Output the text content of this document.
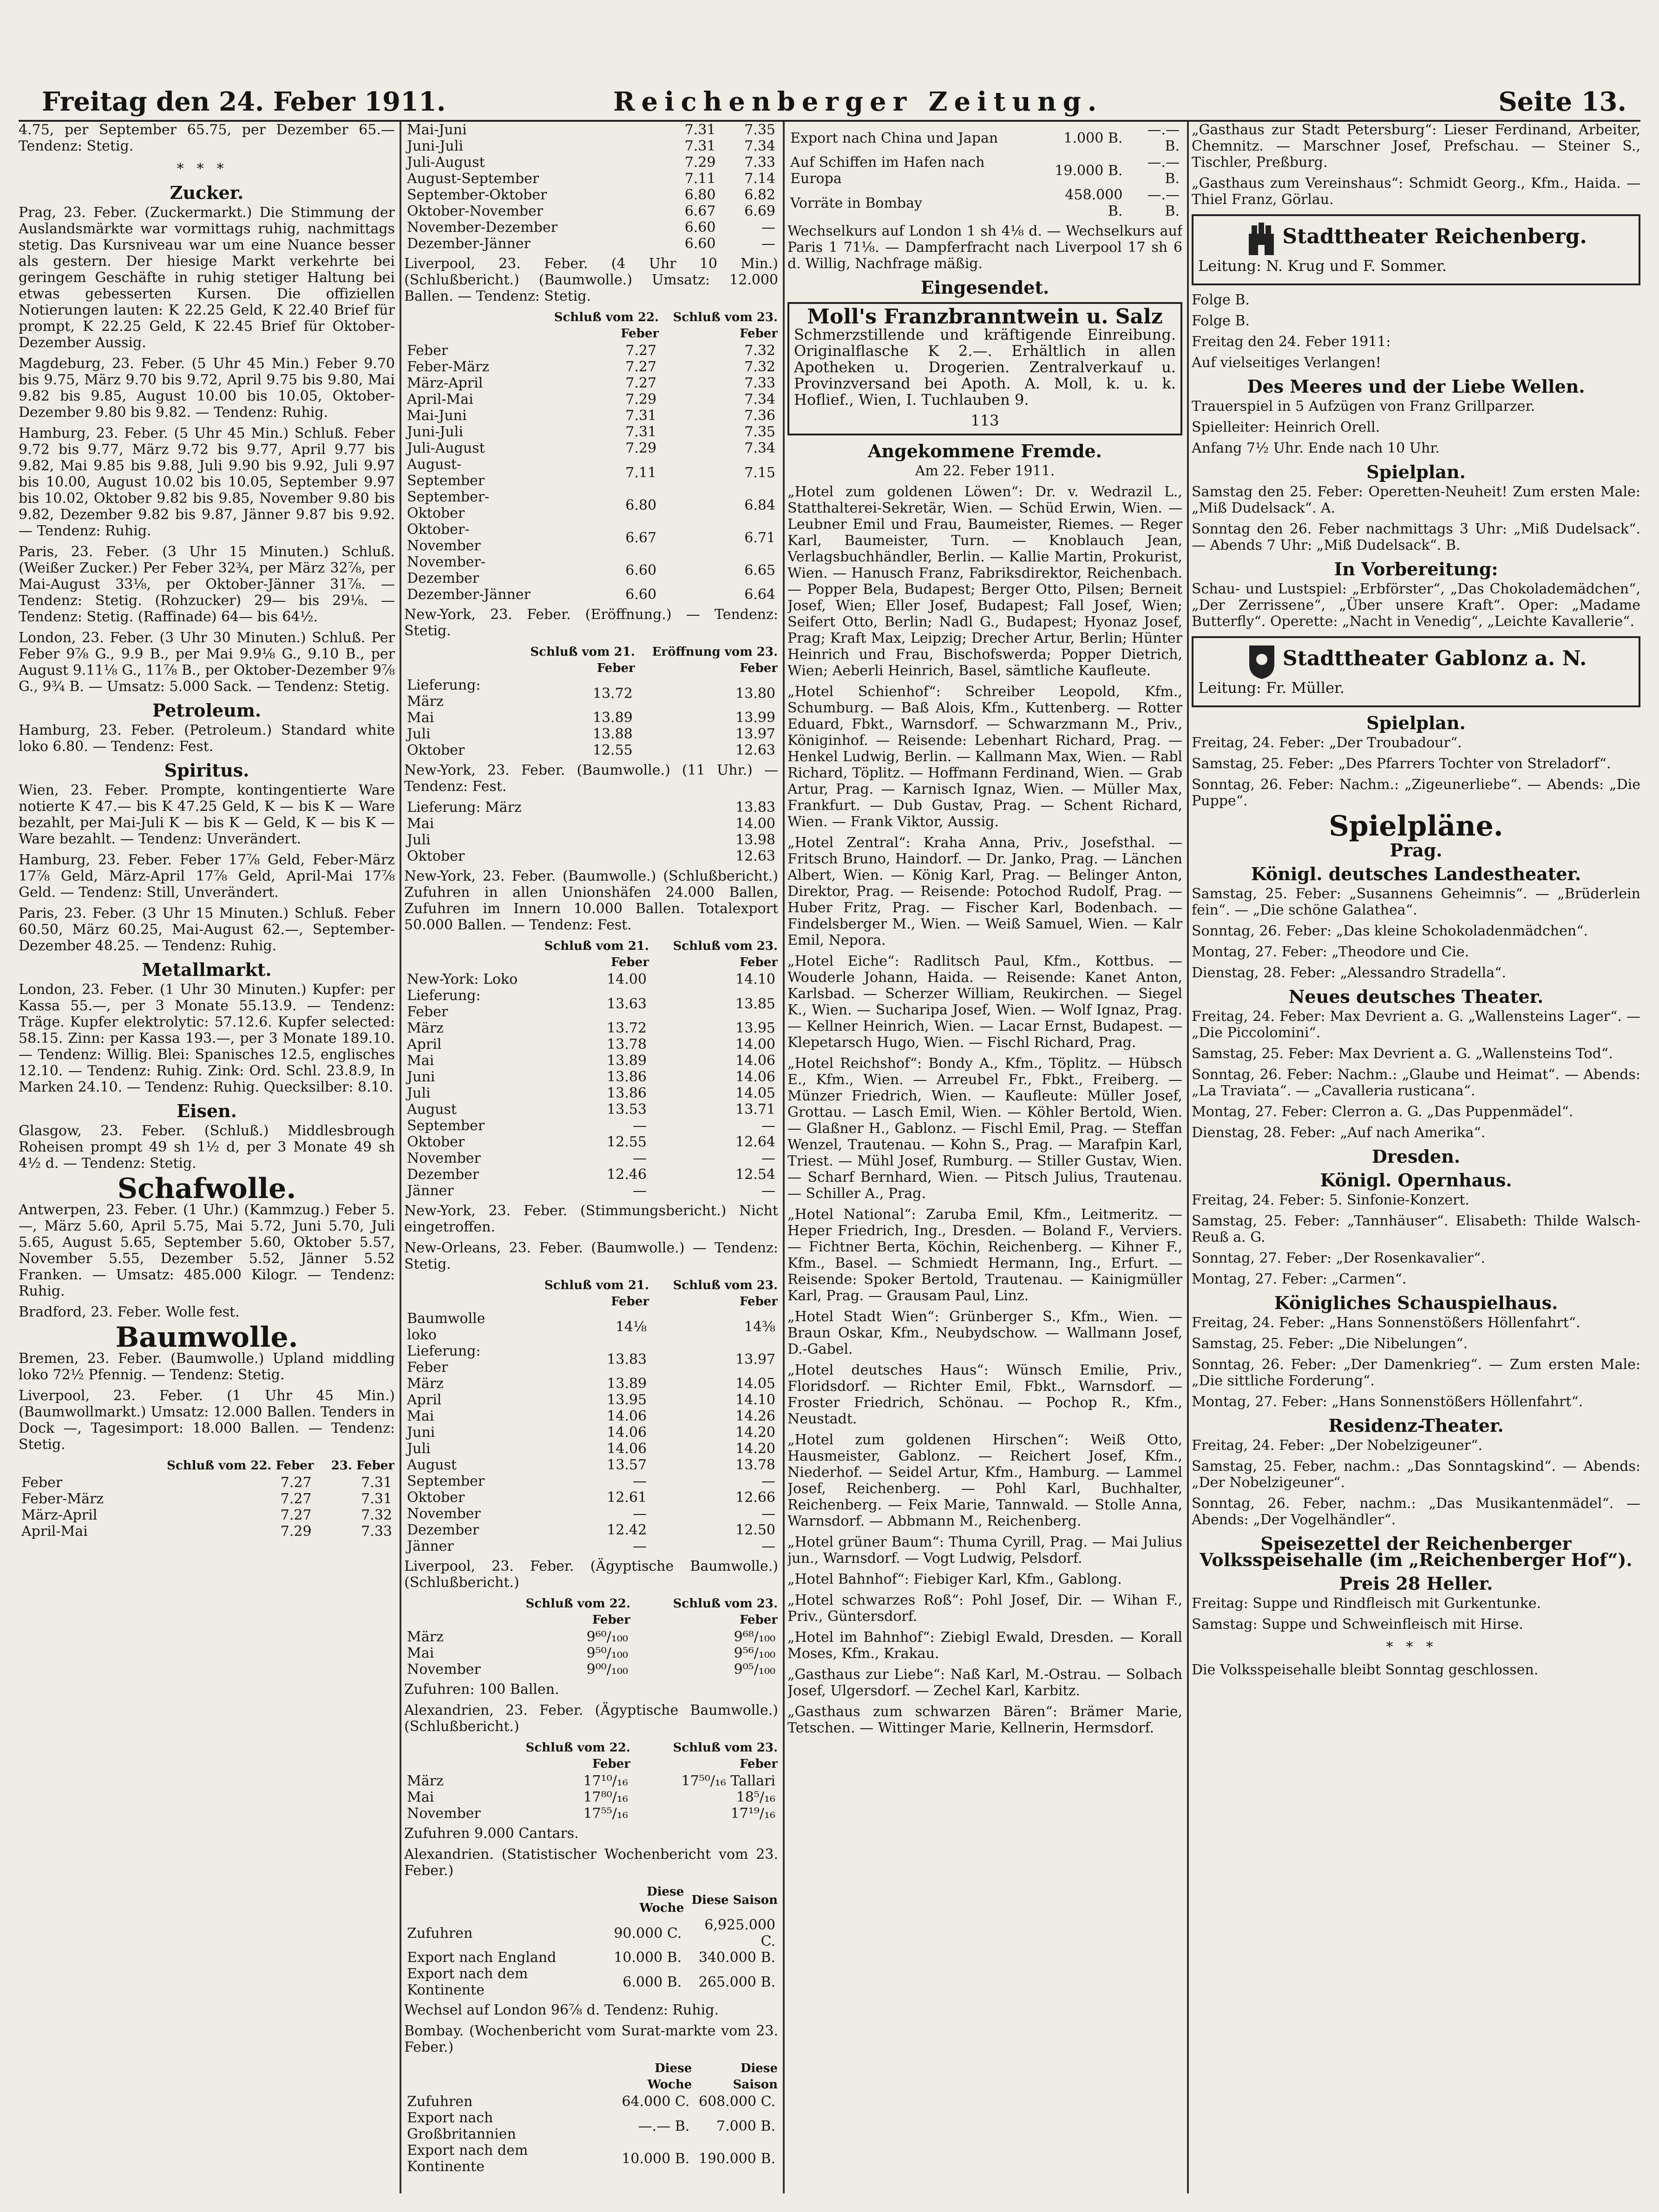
Freitag den 24. Feber 1911.	Reichenberger Zeitung.	Seite 13.

4.75, per September 65.75, per Dezember 65.— Tendenz: Stetig.

***
Zucker.

Prag, 23. Feber. (Zuckermarkt.) Die Stimmung der Auslandsmärkte war vormittags ruhig, nachmittags stetig. Das Kursniveau war um eine Nuance besser als gestern. Der hiesige Markt verkehrte bei geringem Geschäfte in ruhig stetiger Haltung bei etwas gebesserten Kursen. Die offiziellen Notierungen lauten: K 22.25 Geld, K 22.40 Brief für prompt, K 22.25 Geld, K 22.45 Brief für Oktober-Dezember Aussig.

Magdeburg, 23. Feber. (5 Uhr 45 Min.) Feber 9.70 bis 9.75, März 9.70 bis 9.72, April 9.75 bis 9.80, Mai 9.82 bis 9.85, August 10.00 bis 10.05, Oktober-Dezember 9.80 bis 9.82. — Tendenz: Ruhig.

Hamburg, 23. Feber. (5 Uhr 45 Min.) Schluß. Feber 9.72 bis 9.77, März 9.72 bis 9.77, April 9.77 bis 9.82, Mai 9.85 bis 9.88, Juli 9.90 bis 9.92, Juli 9.97 bis 10.00, August 10.02 bis 10.05, September 9.97 bis 10.02, Oktober 9.82 bis 9.85, November 9.80 bis 9.82, Dezember 9.82 bis 9.87, Jänner 9.87 bis 9.92. — Tendenz: Ruhig.

Paris, 23. Feber. (3 Uhr 15 Minuten.) Schluß. (Weißer Zucker.) Per Feber 32¾, per März 32⅞, per Mai-August 33⅛, per Oktober-Jänner 31⅞. — Tendenz: Stetig. (Rohzucker) 29— bis 29⅛. — Tendenz: Stetig. (Raffinade) 64— bis 64½.

London, 23. Feber. (3 Uhr 30 Minuten.) Schluß. Per Feber 9⅞ G., 9.9 B., per Mai 9.9⅛ G., 9.10 B., per August 9.11⅛ G., 11⅞ B., per Oktober-Dezember 9⅞ G., 9¾ B. — Umsatz: 5.000 Sack. — Tendenz: Stetig.

Petroleum.

Hamburg, 23. Feber. (Petroleum.) Standard white loko 6.80. — Tendenz: Fest.

Spiritus.

Wien, 23. Feber. Prompte, kontingentierte Ware notierte K 47.— bis K 47.25 Geld, K — bis K — Ware bezahlt, per Mai-Juli K — bis K — Geld, K — bis K — Ware bezahlt. — Tendenz: Unverändert.

Hamburg, 23. Feber. Feber 17⅞ Geld, Feber-März 17⅞ Geld, März-April 17⅞ Geld, April-Mai 17⅞ Geld. — Tendenz: Still, Unverändert.

Paris, 23. Feber. (3 Uhr 15 Minuten.) Schluß. Feber 60.50, März 60.25, Mai-August 62.—, September-Dezember 48.25. — Tendenz: Ruhig.

Metallmarkt.

London, 23. Feber. (1 Uhr 30 Minuten.) Kupfer: per Kassa 55.—, per 3 Monate 55.13.9. — Tendenz: Träge. Kupfer elektrolytic: 57.12.6. Kupfer selected: 58.15. Zinn: per Kassa 193.—, per 3 Monate 189.10. — Tendenz: Willig. Blei: Spanisches 12.5, englisches 12.10. — Tendenz: Ruhig. Zink: Ord. Schl. 23.8.9, In Marken 24.10. — Tendenz: Ruhig. Quecksilber: 8.10.

Eisen.

Glasgow, 23. Feber. (Schluß.) Middlesbrough Roheisen prompt 49 sh 1½ d, per 3 Monate 49 sh 4½ d. — Tendenz: Stetig.

Schafwolle.

Antwerpen, 23. Feber. (1 Uhr.) (Kammzug.) Feber 5.—, März 5.60, April 5.75, Mai 5.72, Juni 5.70, Juli 5.65, August 5.65, September 5.60, Oktober 5.57, November 5.55, Dezember 5.52, Jänner 5.52 Franken. — Umsatz: 485.000 Kilogr. — Tendenz: Ruhig.

Bradford, 23. Feber. Wolle fest.

Baumwolle.

Bremen, 23. Feber. (Baumwolle.) Upland middling loko 72½ Pfennig. — Tendenz: Stetig.

Liverpool, 23. Feber. (1 Uhr 45 Min.) (Baumwollmarkt.) Umsatz: 12.000 Ballen. Tenders in Dock —, Tagesimport: 18.000 Ballen. — Tendenz: Stetig.

	Schluß vom 22. Feber	23. Feber
Feber	7.27	7.31
Feber-März	7.27	7.31
März-April	7.27	7.32
April-Mai	7.29	7.33
Mai-Juni	7.31	7.35
Juni-Juli	7.31	7.34
Juli-August	7.29	7.33
August-September	7.11	7.14
September-Oktober	6.80	6.82
Oktober-November	6.67	6.69
November-Dezember	6.60	—
Dezember-Jänner	6.60	—

Liverpool, 23. Feber. (4 Uhr 10 Min.) (Schlußbericht.) (Baumwolle.) Umsatz: 12.000 Ballen. — Tendenz: Stetig.

	Schluß vom 22. Feber	Schluß vom 23. Feber
Feber	7.27	7.32
Feber-März	7.27	7.32
März-April	7.27	7.33
April-Mai	7.29	7.34
Mai-Juni	7.31	7.36
Juni-Juli	7.31	7.35
Juli-August	7.29	7.34
August-September	7.11	7.15
September-Oktober	6.80	6.84
Oktober-November	6.67	6.71
November-Dezember	6.60	6.65
Dezember-Jänner	6.60	6.64

New-York, 23. Feber. (Eröffnung.) — Tendenz: Stetig.

	Schluß vom 21. Feber	Eröffnung vom 23. Feber
Lieferung: März	13.72	13.80
Mai	13.89	13.99
Juli	13.88	13.97
Oktober	12.55	12.63

New-York, 23. Feber. (Baumwolle.) (11 Uhr.) — Tendenz: Fest.

Lieferung: März		13.83
Mai		14.00
Juli		13.98
Oktober		12.63

New-York, 23. Feber. (Baumwolle.) (Schlußbericht.) Zufuhren in allen Unionshäfen 24.000 Ballen, Zufuhren im Innern 10.000 Ballen. Totalexport 50.000 Ballen. — Tendenz: Fest.

	Schluß vom 21. Feber	Schluß vom 23. Feber
New-York: Loko	14.00	14.10
Lieferung: Feber	13.63	13.85
März	13.72	13.95
April	13.78	14.00
Mai	13.89	14.06
Juni	13.86	14.06
Juli	13.86	14.05
August	13.53	13.71
September	—	—
Oktober	12.55	12.64
November	—	—
Dezember	12.46	12.54
Jänner	—	—

New-York, 23. Feber. (Stimmungsbericht.) Nicht eingetroffen.

New-Orleans, 23. Feber. (Baumwolle.) — Tendenz: Stetig.

	Schluß vom 21. Feber	Schluß vom 23. Feber
Baumwolle loko	14⅛	14⅜
Lieferung: Feber	13.83	13.97
März	13.89	14.05
April	13.95	14.10
Mai	14.06	14.26
Juni	14.06	14.20
Juli	14.06	14.20
August	13.57	13.78
September	—	—
Oktober	12.61	12.66
November	—	—
Dezember	12.42	12.50
Jänner	—	—

Liverpool, 23. Feber. (Ägyptische Baumwolle.) (Schlußbericht.)

	Schluß vom 22. Feber	Schluß vom 23. Feber
März	9⁶⁰/₁₀₀	9⁶⁸/₁₀₀
Mai	9⁵⁰/₁₀₀	9⁵⁶/₁₀₀
November	9⁰⁰/₁₀₀	9⁰⁵/₁₀₀

Zufuhren: 100 Ballen.

Alexandrien, 23. Feber. (Ägyptische Baumwolle.) (Schlußbericht.)

	Schluß vom 22. Feber	Schluß vom 23. Feber
März	17¹⁰/₁₆	17⁵⁰/₁₆ Tallari
Mai	17⁸⁰/₁₆	18⁵/₁₆
November	17⁵⁵/₁₆	17¹⁹/₁₆

Zufuhren 9.000 Cantars.

Alexandrien. (Statistischer Wochenbericht vom 23. Feber.)

	Diese Woche	Diese Saison
Zufuhren	90.000 C.	6,925.000 C.
Export nach England	10.000 B.	340.000 B.
Export nach dem Kontinente	6.000 B.	265.000 B.

Wechsel auf London 96⅞ d. Tendenz: Ruhig.

Bombay. (Wochenbericht vom Surat-markte vom 23. Feber.)

	Diese Woche	Diese Saison
Zufuhren	64.000 C.	608.000 C.
Export nach Großbritannien	—.— B.	7.000 B.
Export nach dem Kontinente	10.000 B.	190.000 B.
Export nach China und Japan	1.000 B.	—.— B.
Auf Schiffen im Hafen nach Europa	19.000 B.	—.— B.
Vorräte in Bombay	458.000 B.	—.— B.

Wechselkurs auf London 1 sh 4⅛ d. — Wechselkurs auf Paris 1 71⅛. — Dampferfracht nach Liverpool 17 sh 6 d. Willig, Nachfrage mäßig.

Eingesendet.
Moll's Franzbranntwein u. Salz

Schmerzstillende und kräftigende Einreibung. Originalflasche K 2.—. Erhältlich in allen Apotheken u. Drogerien. Zentralverkauf u. Provinzversand bei Apoth. A. Moll, k. u. k. Hoflief., Wien, I. Tuchlauben 9.

113
Angekommene Fremde.

Am 22. Feber 1911.

„Hotel zum goldenen Löwen“: Dr. v. Wedrazil L., Statthalterei-Sekretär, Wien. — Schüd Erwin, Wien. — Leubner Emil und Frau, Baumeister, Riemes. — Reger Karl, Baumeister, Turn. — Knoblauch Jean, Verlagsbuchhändler, Berlin. — Kallie Martin, Prokurist, Wien. — Hanusch Franz, Fabriksdirektor, Reichenbach. — Popper Bela, Budapest; Berger Otto, Pilsen; Berneit Josef, Wien; Eller Josef, Budapest; Fall Josef, Wien; Seifert Otto, Berlin; Nadl G., Budapest; Hyonaz Josef, Prag; Kraft Max, Leipzig; Drecher Artur, Berlin; Hünter Heinrich und Frau, Bischofswerda; Popper Dietrich, Wien; Aeberli Heinrich, Basel, sämtliche Kaufleute.

„Hotel Schienhof“: Schreiber Leopold, Kfm., Schumburg. — Baß Alois, Kfm., Kuttenberg. — Rotter Eduard, Fbkt., Warnsdorf. — Schwarzmann M., Priv., Königinhof. — Reisende: Lebenhart Richard, Prag. — Henkel Ludwig, Berlin. — Kallmann Max, Wien. — Rabl Richard, Töplitz. — Hoffmann Ferdinand, Wien. — Grab Artur, Prag. — Karnisch Ignaz, Wien. — Müller Max, Frankfurt. — Dub Gustav, Prag. — Schent Richard, Wien. — Frank Viktor, Aussig.

„Hotel Zentral“: Kraha Anna, Priv., Josefsthal. — Fritsch Bruno, Haindorf. — Dr. Janko, Prag. — Länchen Albert, Wien. — König Karl, Prag. — Belinger Anton, Direktor, Prag. — Reisende: Potochod Rudolf, Prag. — Huber Fritz, Prag. — Fischer Karl, Bodenbach. — Findelsberger M., Wien. — Weiß Samuel, Wien. — Kalr Emil, Nepora.

„Hotel Eiche“: Radlitsch Paul, Kfm., Kottbus. — Wouderle Johann, Haida. — Reisende: Kanet Anton, Karlsbad. — Scherzer William, Reukirchen. — Siegel K., Wien. — Sucharipa Josef, Wien. — Wolf Ignaz, Prag. — Kellner Heinrich, Wien. — Lacar Ernst, Budapest. — Klepetarsch Hugo, Wien. — Fischl Richard, Prag.

„Hotel Reichshof“: Bondy A., Kfm., Töplitz. — Hübsch E., Kfm., Wien. — Arreubel Fr., Fbkt., Freiberg. — Münzer Friedrich, Wien. — Kaufleute: Müller Josef, Grottau. — Lasch Emil, Wien. — Köhler Bertold, Wien. — Glaßner H., Gablonz. — Fischl Emil, Prag. — Steffan Wenzel, Trautenau. — Kohn S., Prag. — Marafpin Karl, Triest. — Mühl Josef, Rumburg. — Stiller Gustav, Wien. — Scharf Bernhard, Wien. — Pitsch Julius, Trautenau. — Schiller A., Prag.

„Hotel National“: Zaruba Emil, Kfm., Leitmeritz. — Heper Friedrich, Ing., Dresden. — Boland F., Verviers. — Fichtner Berta, Köchin, Reichenberg. — Kihner F., Kfm., Basel. — Schmiedt Hermann, Ing., Erfurt. — Reisende: Spoker Bertold, Trautenau. — Kainigmüller Karl, Prag. — Grausam Paul, Linz.

„Hotel Stadt Wien“: Grünberger S., Kfm., Wien. — Braun Oskar, Kfm., Neubydschow. — Wallmann Josef, D.-Gabel.

„Hotel deutsches Haus“: Wünsch Emilie, Priv., Floridsdorf. — Richter Emil, Fbkt., Warnsdorf. — Froster Friedrich, Schönau. — Pochop R., Kfm., Neustadt.

„Hotel zum goldenen Hirschen“: Weiß Otto, Hausmeister, Gablonz. — Reichert Josef, Kfm., Niederhof. — Seidel Artur, Kfm., Hamburg. — Lammel Josef, Reichenberg. — Pohl Karl, Buchhalter, Reichenberg. — Feix Marie, Tannwald. — Stolle Anna, Warnsdorf. — Abbmann M., Reichenberg.

„Hotel grüner Baum“: Thuma Cyrill, Prag. — Mai Julius jun., Warnsdorf. — Vogt Ludwig, Pelsdorf.

„Hotel Bahnhof“: Fiebiger Karl, Kfm., Gablong.

„Hotel schwarzes Roß“: Pohl Josef, Dir. — Wihan F., Priv., Güntersdorf.

„Hotel im Bahnhof“: Ziebigl Ewald, Dresden. — Korall Moses, Kfm., Krakau.

„Gasthaus zur Liebe“: Naß Karl, M.-Ostrau. — Solbach Josef, Ulgersdorf. — Zechel Karl, Karbitz.

„Gasthaus zum schwarzen Bären“: Brämer Marie, Tetschen. — Wittinger Marie, Kellnerin, Hermsdorf.

„Gasthaus zur Stadt Petersburg“: Lieser Ferdinand, Arbeiter, Chemnitz. — Marschner Josef, Prefschau. — Steiner S., Tischler, Preßburg.

„Gasthaus zum Vereinshaus“: Schmidt Georg., Kfm., Haida. — Thiel Franz, Görlau.

Stadttheater Reichenberg.

Leitung: N. Krug und F. Sommer.

Folge B.

Folge B.

Freitag den 24. Feber 1911:

Auf vielseitiges Verlangen!

Des Meeres und der Liebe Wellen.

Trauerspiel in 5 Aufzügen von Franz Grillparzer.

Spielleiter: Heinrich Orell.

Anfang 7½ Uhr. Ende nach 10 Uhr.

Spielplan.

Samstag den 25. Feber: Operetten-Neuheit! Zum ersten Male: „Miß Dudelsack“. A.

Sonntag den 26. Feber nachmittags 3 Uhr: „Miß Dudelsack“. — Abends 7 Uhr: „Miß Dudelsack“. B.

In Vorbereitung:

Schau- und Lustspiel: „Erbförster“, „Das Chokolademädchen“, „Der Zerrissene“, „Über unsere Kraft“. Oper: „Madame Butterfly“. Operette: „Nacht in Venedig“, „Leichte Kavallerie“.

Stadttheater Gablonz a. N.

Leitung: Fr. Müller.

Spielplan.

Freitag, 24. Feber: „Der Troubadour“.

Samstag, 25. Feber: „Des Pfarrers Tochter von Streladorf“.

Sonntag, 26. Feber: Nachm.: „Zigeunerliebe“. — Abends: „Die Puppe“.

Spielpläne.
Prag.
Königl. deutsches Landestheater.

Samstag, 25. Feber: „Susannens Geheimnis“. — „Brüderlein fein“. — „Die schöne Galathea“.

Sonntag, 26. Feber: „Das kleine Schokoladenmädchen“.

Montag, 27. Feber: „Theodore und Cie.

Dienstag, 28. Feber: „Alessandro Stradella“.

Neues deutsches Theater.

Freitag, 24. Feber: Max Devrient a. G. „Wallensteins Lager“. — „Die Piccolomini“.

Samstag, 25. Feber: Max Devrient a. G. „Wallensteins Tod“.

Sonntag, 26. Feber: Nachm.: „Glaube und Heimat“. — Abends: „La Traviata“. — „Cavalleria rusticana“.

Montag, 27. Feber: Clerron a. G. „Das Puppenmädel“.

Dienstag, 28. Feber: „Auf nach Amerika“.

Dresden.
Königl. Opernhaus.

Freitag, 24. Feber: 5. Sinfonie-Konzert.

Samstag, 25. Feber: „Tannhäuser“. Elisabeth: Thilde Walsch-Reuß a. G.

Sonntag, 27. Feber: „Der Rosenkavalier“.

Montag, 27. Feber: „Carmen“.

Königliches Schauspielhaus.

Freitag, 24. Feber: „Hans Sonnenstößers Höllenfahrt“.

Samstag, 25. Feber: „Die Nibelungen“.

Sonntag, 26. Feber: „Der Damenkrieg“. — Zum ersten Male: „Die sittliche Forderung“.

Montag, 27. Feber: „Hans Sonnenstößers Höllenfahrt“.

Residenz-Theater.

Freitag, 24. Feber: „Der Nobelzigeuner“.

Samstag, 25. Feber, nachm.: „Das Sonntagskind“. — Abends: „Der Nobelzigeuner“.

Sonntag, 26. Feber, nachm.: „Das Musikantenmädel“. — Abends: „Der Vogelhändler“.

Speisezettel der Reichenberger Volksspeisehalle (im „Reichenberger Hof“).
Preis 28 Heller.

Freitag: Suppe und Rindfleisch mit Gurkentunke.

Samstag: Suppe und Schweinfleisch mit Hirse.

***

Die Volksspeisehalle bleibt Sonntag geschlossen.
